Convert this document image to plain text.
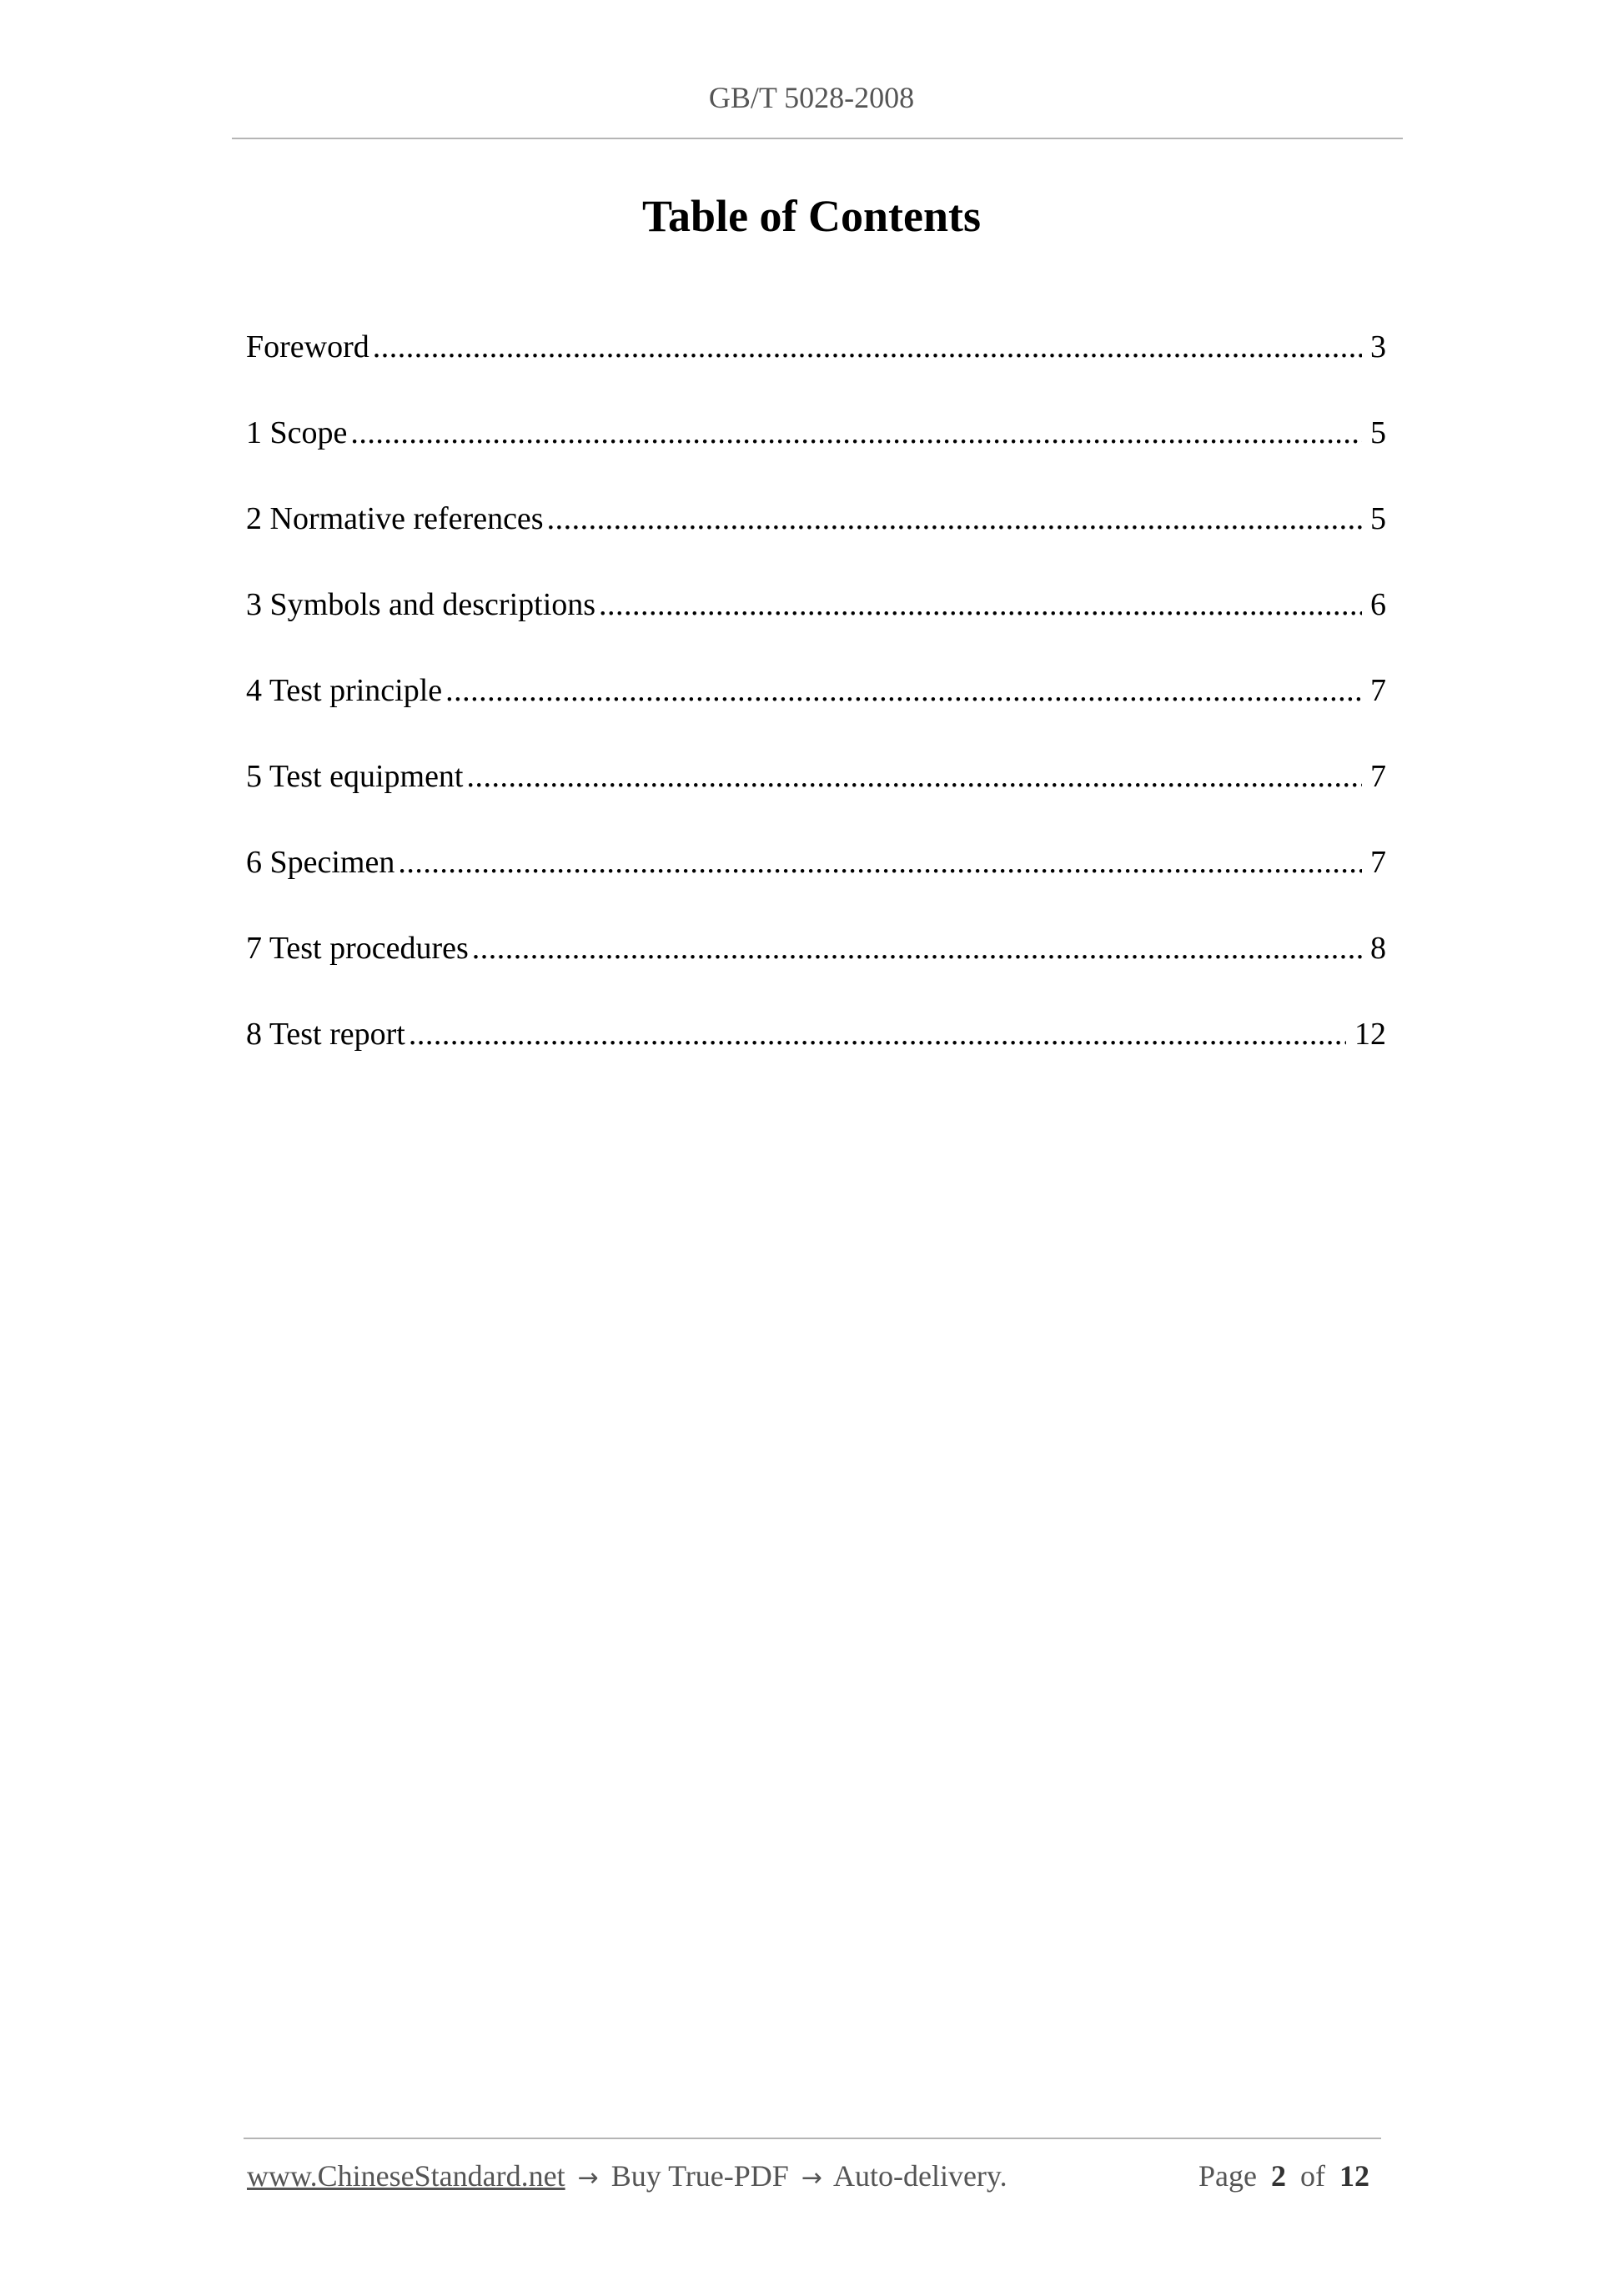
GB/T 5028-2008
Table of Contents
Foreword .....	3
1 Scope .....	5
2 Normative references .....	5
3 Symbols and descriptions .....	6
4 Test principle .....	7
5 Test equipment .....	7
6 Specimen .....	7
7 Test procedures .....	8
8 Test report .....	12
www.ChineseStandard.net → Buy True-PDF → Auto-delivery.	Page 2 of 12
